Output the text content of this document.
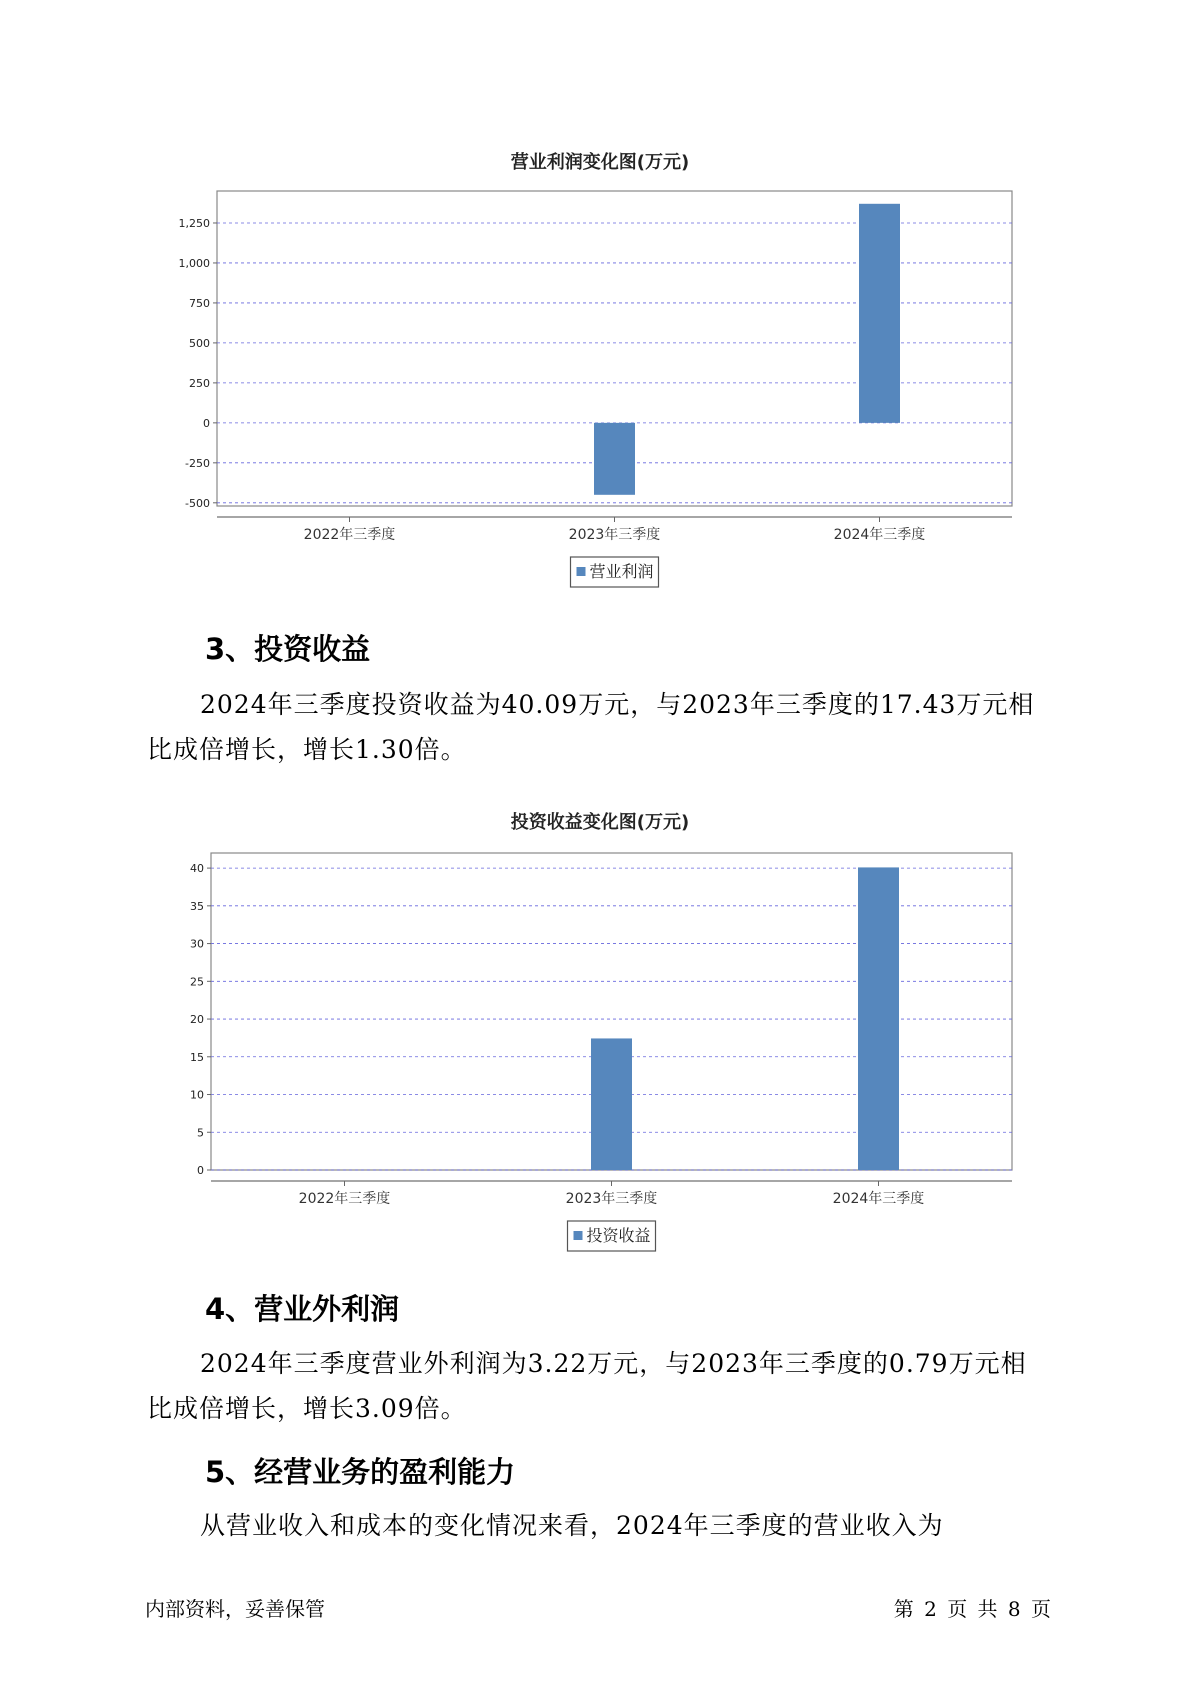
营业利润变化图(万元)
-500
-250
0
250
500
750
1,000
1,250
2022年三季度	2023年三季度	2024年三季度
营业利润
3、投资收益

2024年三季度投资收益为40.09万元，与2023年三季度的17.43万元相比成倍增长，增长1.30倍。

投资收益变化图(万元)
0
5
10
15
20
25
30
35
40
2022年三季度	2023年三季度	2024年三季度
投资收益
4、营业外利润

2024年三季度营业外利润为3.22万元，与2023年三季度的0.79万元相比成倍增长，增长3.09倍。

5、经营业务的盈利能力

从营业收入和成本的变化情况来看，2024年三季度的营业收入为

内部资料，妥善保管	第 2 页 共 8 页
